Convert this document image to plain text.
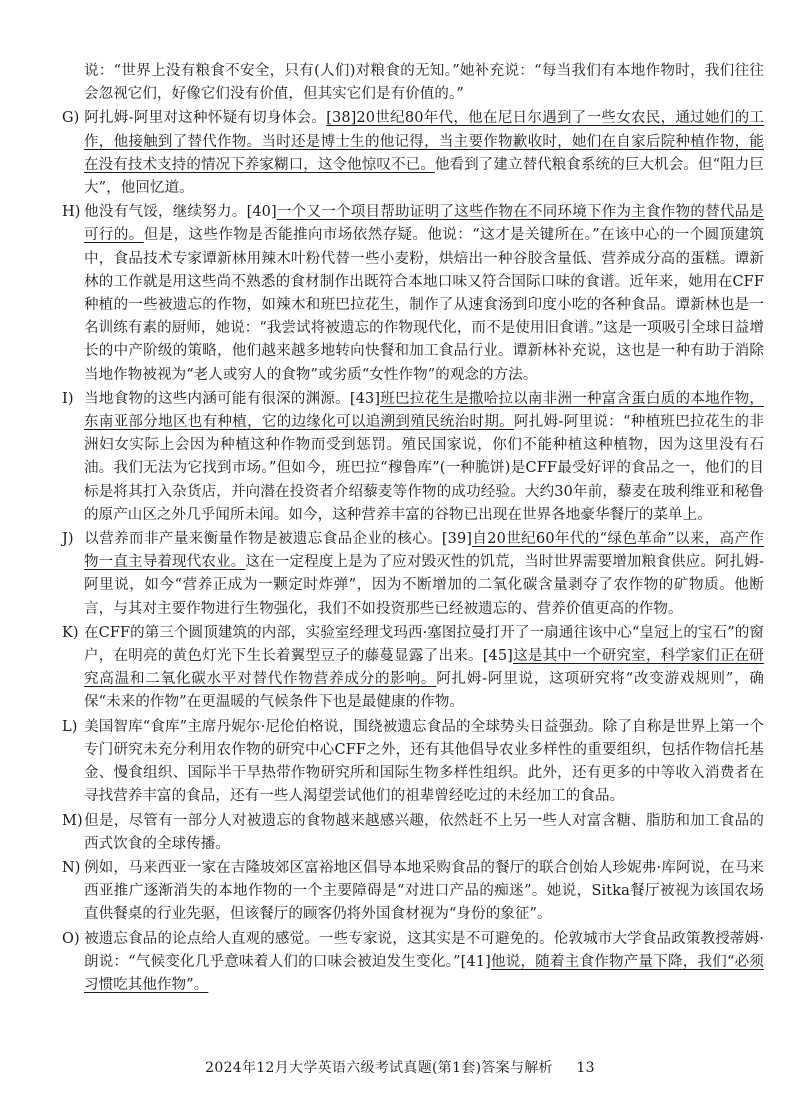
说：“世界上没有粮食不安全，只有(人们)对粮食的无知。”她补充说：“每当我们有本地作物时，我们往往会忽视它们，好像它们没有价值，但其实它们是有价值的。”

G) 阿扎姆-阿里对这种怀疑有切身体会。[38]20世纪80年代，他在尼日尔遇到了一些女农民，通过她们的工作，他接触到了替代作物。当时还是博士生的他记得，当主要作物歉收时，她们在自家后院种植作物，能在没有技术支持的情况下养家糊口，这令他惊叹不已。他看到了建立替代粮食系统的巨大机会。但“阻力巨大”，他回忆道。

H) 他没有气馁，继续努力。[40]一个又一个项目帮助证明了这些作物在不同环境下作为主食作物的替代品是可行的。但是，这些作物是否能推向市场依然存疑。他说：“这才是关键所在。”在该中心的一个圆顶建筑中，食品技术专家谭新林用辣木叶粉代替一些小麦粉，烘焙出一种谷胶含量低、营养成分高的蛋糕。谭新林的工作就是用这些尚不熟悉的食材制作出既符合本地口味又符合国际口味的食谱。近年来，她用在CFF种植的一些被遗忘的作物，如辣木和班巴拉花生，制作了从速食汤到印度小吃的各种食品。谭新林也是一名训练有素的厨师，她说：“我尝试将被遗忘的作物现代化，而不是使用旧食谱。”这是一项吸引全球日益增长的中产阶级的策略，他们越来越多地转向快餐和加工食品行业。谭新林补充说，这也是一种有助于消除当地作物被视为“老人或穷人的食物”或劣质“女性作物”的观念的方法。

I) 当地食物的这些内涵可能有很深的渊源。[43]班巴拉花生是撒哈拉以南非洲一种富含蛋白质的本地作物，东南亚部分地区也有种植，它的边缘化可以追溯到殖民统治时期。阿扎姆-阿里说：“种植班巴拉花生的非洲妇女实际上会因为种植这种作物而受到惩罚。殖民国家说，你们不能种植这种植物，因为这里没有石油。我们无法为它找到市场。”但如今，班巴拉“穆鲁库”(一种脆饼)是CFF最受好评的食品之一，他们的目标是将其打入杂货店，并向潜在投资者介绍藜麦等作物的成功经验。大约30年前，藜麦在玻利维亚和秘鲁的原产山区之外几乎闻所未闻。如今，这种营养丰富的谷物已出现在世界各地豪华餐厅的菜单上。

J) 以营养而非产量来衡量作物是被遗忘食品企业的核心。[39]自20世纪60年代的“绿色革命”以来，高产作物一直主导着现代农业。这在一定程度上是为了应对毁灭性的饥荒，当时世界需要增加粮食供应。阿扎姆-阿里说，如今“营养正成为一颗定时炸弹”，因为不断增加的二氧化碳含量剥夺了农作物的矿物质。他断言，与其对主要作物进行生物强化，我们不如投资那些已经被遗忘的、营养价值更高的作物。

K) 在CFF的第三个圆顶建筑的内部，实验室经理戈玛西·塞图拉曼打开了一扇通往该中心“皇冠上的宝石”的窗户，在明亮的黄色灯光下生长着翼型豆子的藤蔓显露了出来。[45]这是其中一个研究室，科学家们正在研究高温和二氧化碳水平对替代作物营养成分的影响。阿扎姆-阿里说，这项研究将“改变游戏规则”，确保“未来的作物”在更温暖的气候条件下也是最健康的作物。

L) 美国智库“食库”主席丹妮尔·尼伦伯格说，围绕被遗忘食品的全球势头日益强劲。除了自称是世界上第一个专门研究未充分利用农作物的研究中心CFF之外，还有其他倡导农业多样性的重要组织，包括作物信托基金、慢食组织、国际半干旱热带作物研究所和国际生物多样性组织。此外，还有更多的中等收入消费者在寻找营养丰富的食品，还有一些人渴望尝试他们的祖辈曾经吃过的未经加工的食品。

M)但是，尽管有一部分人对被遗忘的食物越来越感兴趣，依然赶不上另一些人对富含糖、脂肪和加工食品的西式饮食的全球传播。

N) 例如，马来西亚一家在吉隆坡郊区富裕地区倡导本地采购食品的餐厅的联合创始人珍妮弗·库阿说，在马来西亚推广逐渐消失的本地作物的一个主要障碍是“对进口产品的痴迷”。她说，Sitka餐厅被视为该国农场直供餐桌的行业先驱，但该餐厅的顾客仍将外国食材视为“身份的象征”。

O) 被遗忘食品的论点给人直观的感觉。一些专家说，这其实是不可避免的。伦敦城市大学食品政策教授蒂姆·朗说：“气候变化几乎意味着人们的口味会被迫发生变化。”[41]他说，随着主食作物产量下降，我们“必须习惯吃其他作物”。

2024年12月大学英语六级考试真题(第1套)答案与解析 13
